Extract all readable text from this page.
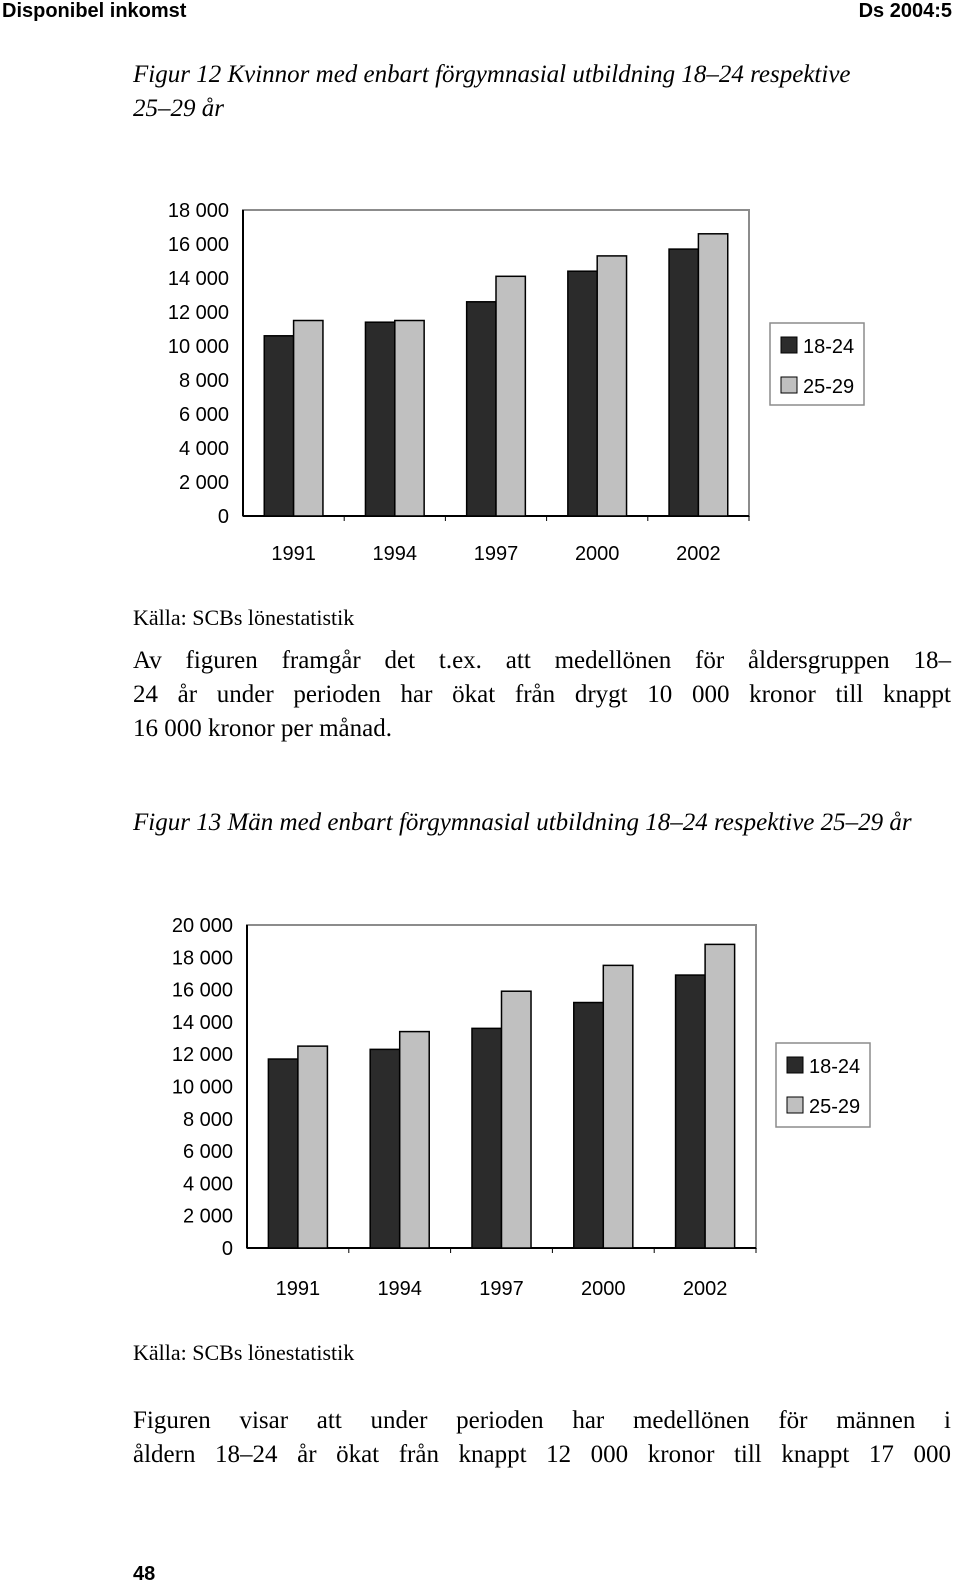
Disponibel inkomst	Ds 2004:5
Figur 12 Kvinnor med enbart förgymnasial utbildning 18–24 respektive
25–29 år
0
2 000
4 000
6 000
8 000
10 000
12 000
14 000
16 000
18 000
1991	1994	1997	2000	2002
18-24
25-29
Källa: SCBs lönestatistik
Av figuren framgår det t.ex. att medellönen för åldersgruppen 18–
24 år under perioden har ökat från drygt 10 000 kronor till knappt
16 000 kronor per månad.
Figur 13 Män med enbart förgymnasial utbildning 18–24 respektive 25–29 år
0
2 000
4 000
6 000
8 000
10 000
12 000
14 000
16 000
18 000
20 000
1991	1994	1997	2000	2002
18-24
25-29
Källa: SCBs lönestatistik
Figuren visar att under perioden har medellönen för männen i
åldern 18–24 år ökat från knappt 12 000 kronor till knappt 17 000
48
